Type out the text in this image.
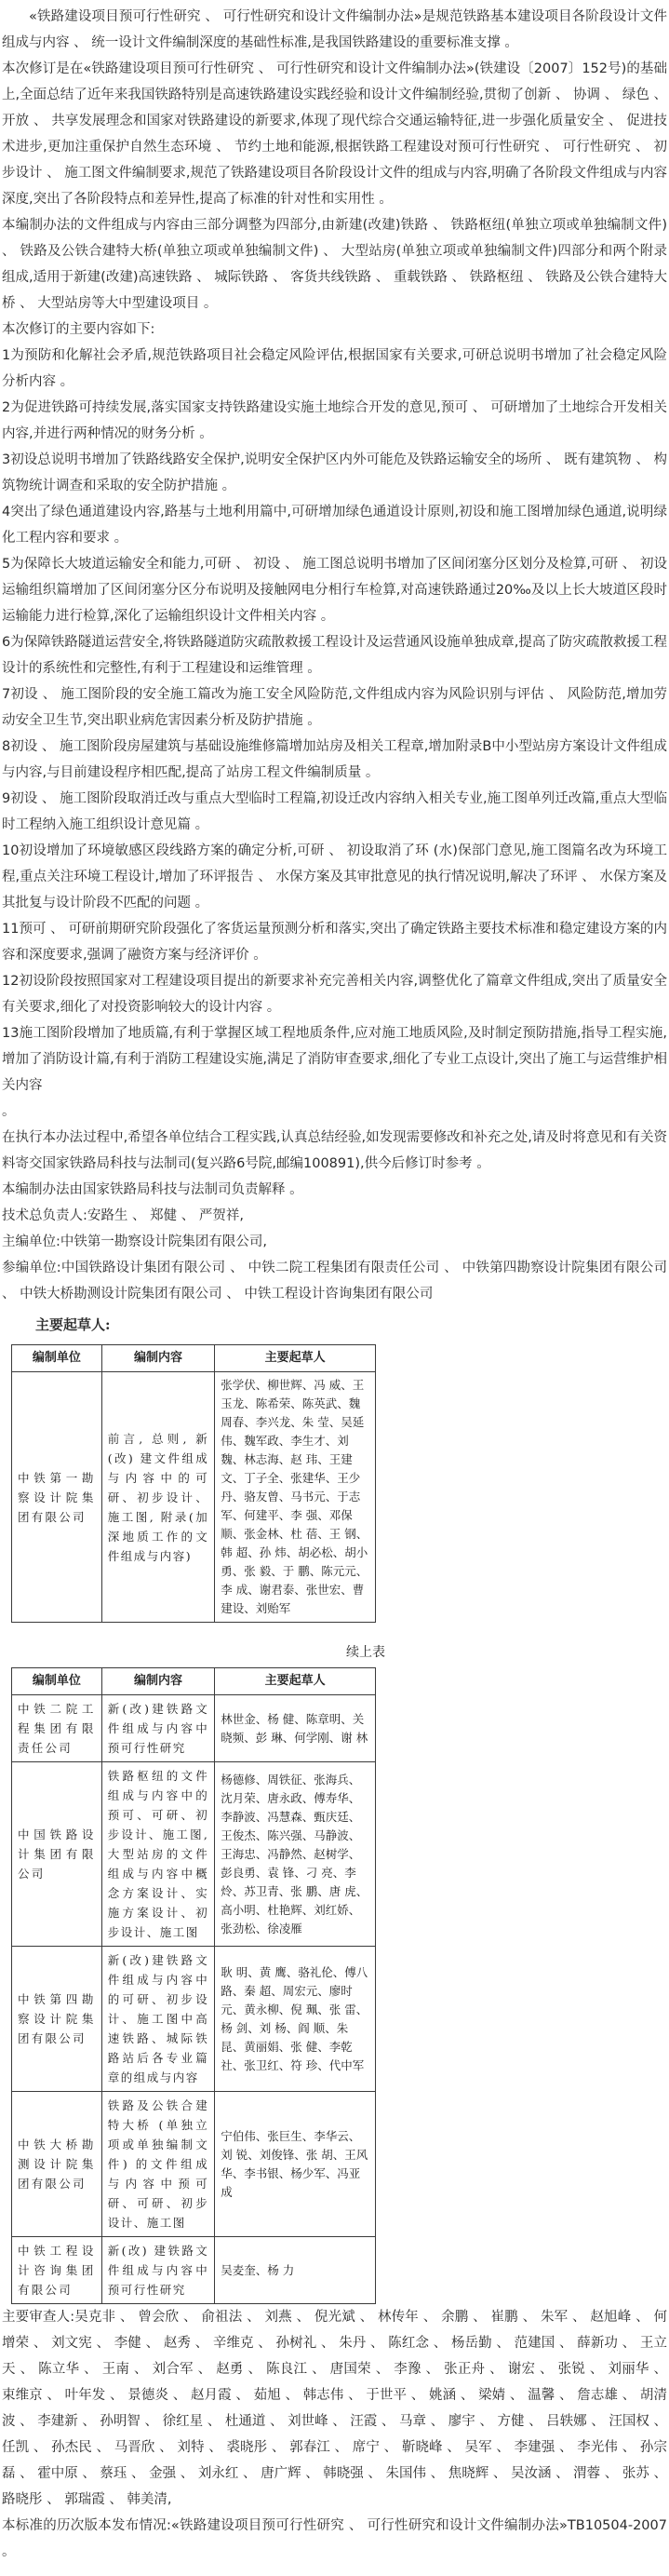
«铁路建设项目预可行性研究 、 可行性研究和设计文件编制办法»是规范铁路基本建设项目各阶段设计文件组成与内容 、 统一设计文件编制深度的基础性标准,是我国铁路建设的重要标准支撑 。

本次修订是在«铁路建设项目预可行性研究 、 可行性研究和设计文件编制办法»(铁建设〔2007〕152号)的基础上,全面总结了近年来我国铁路特别是高速铁路建设实践经验和设计文件编制经验,贯彻了创新 、 协调 、 绿色 、 开放 、 共享发展理念和国家对铁路建设的新要求,体现了现代综合交通运输特征,进一步强化质量安全 、 促进技术进步,更加注重保护自然生态环境 、 节约土地和能源,根据铁路工程建设对预可行性研究 、 可行性研究 、 初步设计 、 施工图文件编制要求,规范了铁路建设项目各阶段设计文件的组成与内容,明确了各阶段文件组成与内容深度,突出了各阶段特点和差异性,提高了标准的针对性和实用性 。

本编制办法的文件组成与内容由三部分调整为四部分,由新建(改建)铁路 、 铁路枢纽(单独立项或单独编制文件) 、 铁路及公铁合建特大桥(单独立项或单独编制文件) 、 大型站房(单独立项或单独编制文件)四部分和两个附录组成,适用于新建(改建)高速铁路 、 城际铁路 、 客货共线铁路 、 重载铁路 、 铁路枢纽 、 铁路及公铁合建特大桥 、 大型站房等大中型建设项目 。

本次修订的主要内容如下:

1为预防和化解社会矛盾,规范铁路项目社会稳定风险评估,根据国家有关要求,可研总说明书增加了社会稳定风险分析内容 。

2为促进铁路可持续发展,落实国家支持铁路建设实施土地综合开发的意见,预可 、 可研增加了土地综合开发相关内容,并进行两种情况的财务分析 。

3初设总说明书增加了铁路线路安全保护,说明安全保护区内外可能危及铁路运输安全的场所 、 既有建筑物 、 构筑物统计调查和采取的安全防护措施 。

4突出了绿色通道建设内容,路基与土地利用篇中,可研增加绿色通道设计原则,初设和施工图增加绿色通道,说明绿化工程内容和要求 。

5为保障长大坡道运输安全和能力,可研 、 初设 、 施工图总说明书增加了区间闭塞分区划分及检算,可研 、 初设运输组织篇增加了区间闭塞分区分布说明及接触网电分相行车检算,对高速铁路通过20‰及以上长大坡道区段时运输能力进行检算,深化了运输组织设计文件相关内容 。

6为保障铁路隧道运营安全,将铁路隧道防灾疏散救援工程设计及运营通风设施单独成章,提高了防灾疏散救援工程设计的系统性和完整性,有利于工程建设和运维管理 。

7初设 、 施工图阶段的安全施工篇改为施工安全风险防范,文件组成内容为风险识别与评估 、 风险防范,增加劳动安全卫生节,突出职业病危害因素分析及防护措施 。

8初设 、 施工图阶段房屋建筑与基础设施维修篇增加站房及相关工程章,增加附录B中小型站房方案设计文件组成与内容,与目前建设程序相匹配,提高了站房工程文件编制质量 。

9初设 、 施工图阶段取消迁改与重点大型临时工程篇,初设迁改内容纳入相关专业,施工图单列迁改篇,重点大型临时工程纳入施工组织设计意见篇 。

10初设增加了环境敏感区段线路方案的确定分析,可研 、 初设取消了环 (水)保部门意见,施工图篇名改为环境工程,重点关注环境工程设计,增加了环评报告 、 水保方案及其审批意见的执行情况说明,解决了环评 、 水保方案及其批复与设计阶段不匹配的问题 。

11预可 、 可研前期研究阶段强化了客货运量预测分析和落实,突出了确定铁路主要技术标准和稳定建设方案的内容和深度要求,强调了融资方案与经济评价 。

12初设阶段按照国家对工程建设项目提出的新要求补充完善相关内容,调整优化了篇章文件组成,突出了质量安全有关要求,细化了对投资影响较大的设计内容 。

13施工图阶段增加了地质篇,有利于掌握区域工程地质条件,应对施工地质风险,及时制定预防措施,指导工程实施,增加了消防设计篇,有利于消防工程建设实施,满足了消防审查要求,细化了专业工点设计,突出了施工与运营维护相关内容

。

在执行本办法过程中,希望各单位结合工程实践,认真总结经验,如发现需要修改和补充之处,请及时将意见和有关资料寄交国家铁路局科技与法制司(复兴路6号院,邮编100891),供今后修订时参考 。

本编制办法由国家铁路局科技与法制司负责解释 。

技术总负责人:安路生 、 郑健 、 严贺祥,

主编单位:中铁第一勘察设计院集团有限公司,

参编单位:中国铁路设计集团有限公司 、 中铁二院工程集团有限责任公司 、 中铁第四勘察设计院集团有限公司 、 中铁大桥勘测设计院集团有限公司 、 中铁工程设计咨询集团有限公司

主要起草人:
编制单位	编制内容	主要起草人
中铁第一勘察设计院集团有限公司	前言, 总则, 新(改) 建文件组成与内容中的可研、初步设计、施工图, 附录(加深地质工作的文件组成与内容)	张学伏、柳世辉、冯 威、王玉龙、陈希荣、陈英武、魏周春、李兴龙、朱 莹、吴延伟、魏军政、李生才、刘 魏、林志海、赵 玮、王建文、丁子全、张建华、王少丹、骆友曾、马书元、于志军、何建平、李 强、邓保顺、张金林、杜 蓓、王 钢、韩 超、孙 炜、胡必松、胡小勇、张 毅、于 鹏、陈元元、李 成、谢君泰、张世宏、曹建设、刘贻军
续上表
编制单位	编制内容	主要起草人
中铁二院工程集团有限责任公司	新(改)建铁路文件组成与内容中预可行性研究	林世金、杨 健、陈章明、关晓频、彭 琳、何学刚、谢 林
中国铁路设计集团有限公司	铁路枢纽的文件组成与内容中的预可、可研、初步设计、施工图, 大型站房的文件组成与内容中概念方案设计、实施方案设计、初步设计、施工图	杨德修、周铁征、张海兵、沈月荣、唐永政、傅寿华、李静波、冯慧森、甄庆廷、王俊杰、陈兴强、马静波、王海忠、冯静然、赵树学、彭良勇、袁 锋、刁 亮、李 炩、苏卫青、张 鹏、唐 虎、高小明、杜艳辉、刘红娇、张劲松、徐凌雁
中铁第四勘察设计院集团有限公司	新(改)建铁路文件组成与内容中的可研、初步设计、施工图中高速铁路、城际铁路站后各专业篇章的组成与内容	耿 明、黄 鹰、骆礼伦、傅八路、秦 超、周宏元、廖时元、黄永柳、倪 珮、张 雷、杨 剑、刘 杨、阎 顺、朱 昆、黄丽娟、张 健、李乾社、张卫红、符 珍、代中军
中铁大桥勘测设计院集团有限公司	铁路及公铁合建特大桥 (单独立项或单独编制文件) 的文件组成与内容中预可研、可研、初步设计、施工图	宁伯伟、张巨生、李华云、刘 锐、刘俊锋、张 胡、王风华、李书银、杨少军、冯亚成
中铁工程设计咨询集团有限公司	新(改) 建铁路文件组成与内容中预可行性研究	吴麦奎、杨 力

主要审查人:吴克非 、 曾会欣 、 俞祖法 、 刘燕 、 倪光斌 、 林传年 、 余鹏 、 崔鹏 、 朱军 、 赵旭峰 、 何增荣 、 刘文宪 、 李健 、 赵秀 、 辛维克 、 孙树礼 、 朱丹 、 陈红念 、 杨岳勤 、 范建国 、 薛新功 、 王立天 、 陈立华 、 王南 、 刘合军 、 赵勇 、 陈良江 、 唐国荣 、 李豫 、 张正舟 、 谢宏 、 张锐 、 刘丽华 、 束维京 、 叶年发 、 景德炎 、 赵月霞 、 茹旭 、 韩志伟 、 于世平 、 姚涵 、 梁婧 、 温馨 、 詹志雄 、 胡清波 、 李建新 、 孙明智 、 徐红星 、 杜通道 、 刘世峰 、 汪霞 、 马章 、 廖宇 、 方健 、 吕轶娜 、 汪国权 、 任凯 、 孙杰民 、 马晋欣 、 刘特 、 裘晓彤 、 郭春江 、 席宁 、 靳晓峰 、 吴军 、 李建强 、 李光伟 、 孙宗磊 、 霍中原 、 蔡珏 、 金强 、 刘永红 、 唐广辉 、 韩晓强 、 朱国伟 、 焦晓辉 、 吴汝涵 、 渭蓉 、 张苏 、 路晓彤 、 郭瑞霞 、 韩美清,

本标准的历次版本发布情况:«铁路建设项目预可行性研究 、 可行性研究和设计文件编制办法»TB10504-2007 。
